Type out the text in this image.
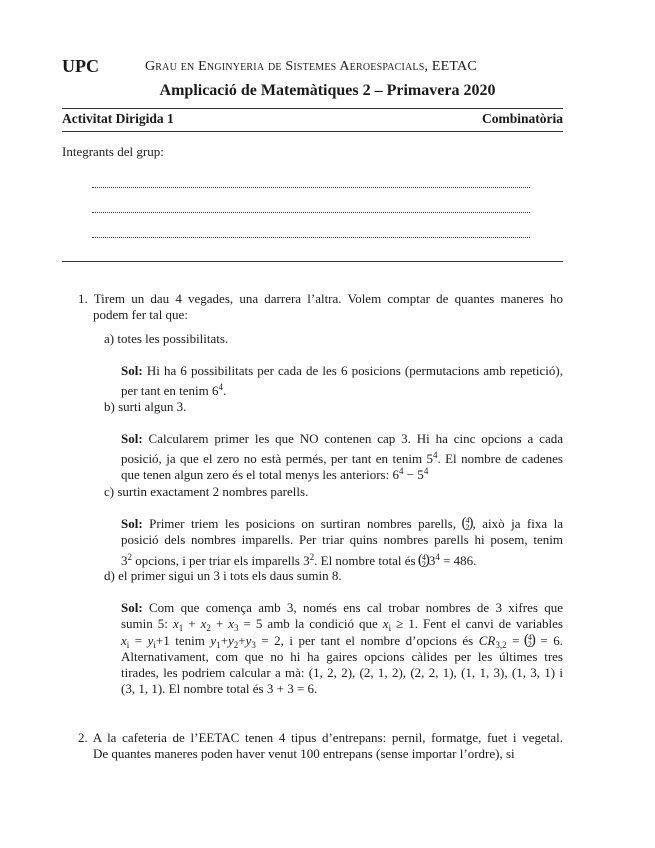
UPC	Grau en Enginyeria de Sistemes Aeroespacials, EETAC
Amplicació de Matemàtiques 2 – Primavera 2020
Activitat Dirigida 1	Combinatòria
Integrants del grup:
1. Tirem un dau 4 vegades, una darrera l’altra. Volem comptar de quantes maneres ho
podem fer tal que:
a) totes les possibilitats.
Sol: Hi ha 6 possibilitats per cada de les 6 posicions (permutacions amb repetició),
per tant en tenim $6^4$.
b) surti algun 3.
Sol: Calcularem primer les que NO contenen cap 3. Hi ha cinc opcions a cada
posició, ja que el zero no està permés, per tant en tenim $5^4$. El nombre de cadenes
que tenen algun zero és el total menys les anteriors: $6^4 - 5^4$
c) surtin exactament 2 nombres parells.
Sol: Primer triem les posicions on surtiran nombres parells, ( 4
2
) , això ja fixa la
posició dels nombres imparells. Per triar quins nombres parells hi posem, tenim
$3^2$ opcions, i per triar els imparells $3^2$. El nombre total és ( 4
2
) $3^4 = 486$.
d) el primer sigui un 3 i tots els daus sumin 8.
Sol: Com que comença amb 3, només ens cal trobar nombres de 3 xifres que
sumin 5: $x_1 + x_2 + x_3 = 5$ amb la condició que $x_i \ge 1$. Fent el canvi de variables
$x_i = y_i+1$ tenim $y_1+y_2+y_3 = 2$, i per tant el nombre d’opcions és $CR_{3,2}$ = ( 4
2
) = 6.
Alternativament, com que no hi ha gaires opcions càlides per les últimes tres
tirades, les podriem calcular a mà: (1, 2, 2), (2, 1, 2), (2, 2, 1), (1, 1, 3), (1, 3, 1) i
(3, 1, 1). El nombre total és 3 + 3 = 6.
2. A la cafeteria de l’EETAC tenen 4 tipus d’entrepans: pernil, formatge, fuet i vegetal.
De quantes maneres poden haver venut 100 entrepans (sense importar l’ordre), si
